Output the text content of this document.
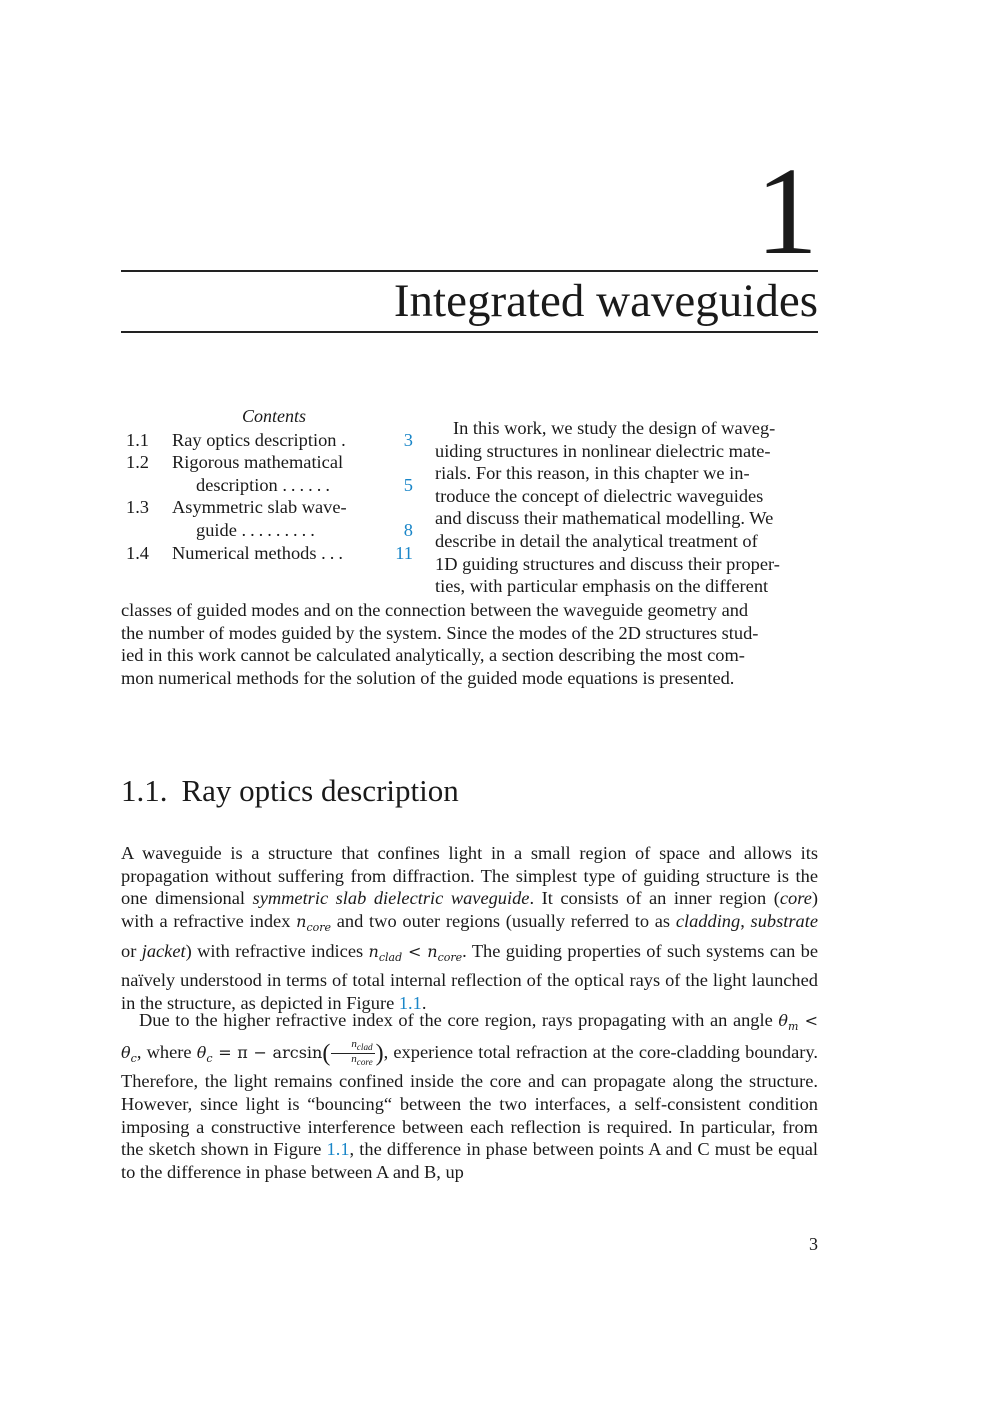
1
Integrated waveguides
Contents
1.1	Ray optics description .	3
1.2	Rigorous mathematical
description ......	5
1.3	Asymmetric slab wave-
guide .........	8
1.4	Numerical methods ...	11
In this work, we study the design of waveg-
uiding structures in nonlinear dielectric mate-
rials. For this reason, in this chapter we in-
troduce the concept of dielectric waveguides
and discuss their mathematical modelling. We
describe in detail the analytical treatment of
1D guiding structures and discuss their proper-
ties, with particular emphasis on the different
classes of guided modes and on the connection between the waveguide geometry and
the number of modes guided by the system. Since the modes of the 2D structures stud-
ied in this work cannot be calculated analytically, a section describing the most com-
mon numerical methods for the solution of the guided mode equations is presented.
1.1. Ray optics description
A waveguide is a structure that confines light in a small region of space and allows its propagation without suffering from diffraction. The simplest type of guiding structure is the one dimensional symmetric slab dielectric waveguide. It consists of an inner region (core) with a refractive index $n_{core}$ and two outer regions (usually referred to as cladding, substrate or jacket) with refractive indices $n_{clad} < n_{core}$. The guiding properties of such systems can be naïvely understood in terms of total internal reflection of the optical rays of the light launched in the structure, as depicted in Figure 1.1.
Due to the higher refractive index of the core region, rays propagating with an angle $\theta_m < \theta_c$, where $\theta_c = \pi - \arcsin( \frac{n_{clad}}{n_{core}}$ ), experience total refraction at the core-cladding boundary. Therefore, the light remains confined inside the core and can propagate along the structure. However, since light is “bouncing“ between the two interfaces, a self-consistent condition imposing a constructive interference between each reflection is required. In particular, from the sketch shown in Figure 1.1, the difference in phase between points A and C must be equal to the difference in phase between A and B, up
3
